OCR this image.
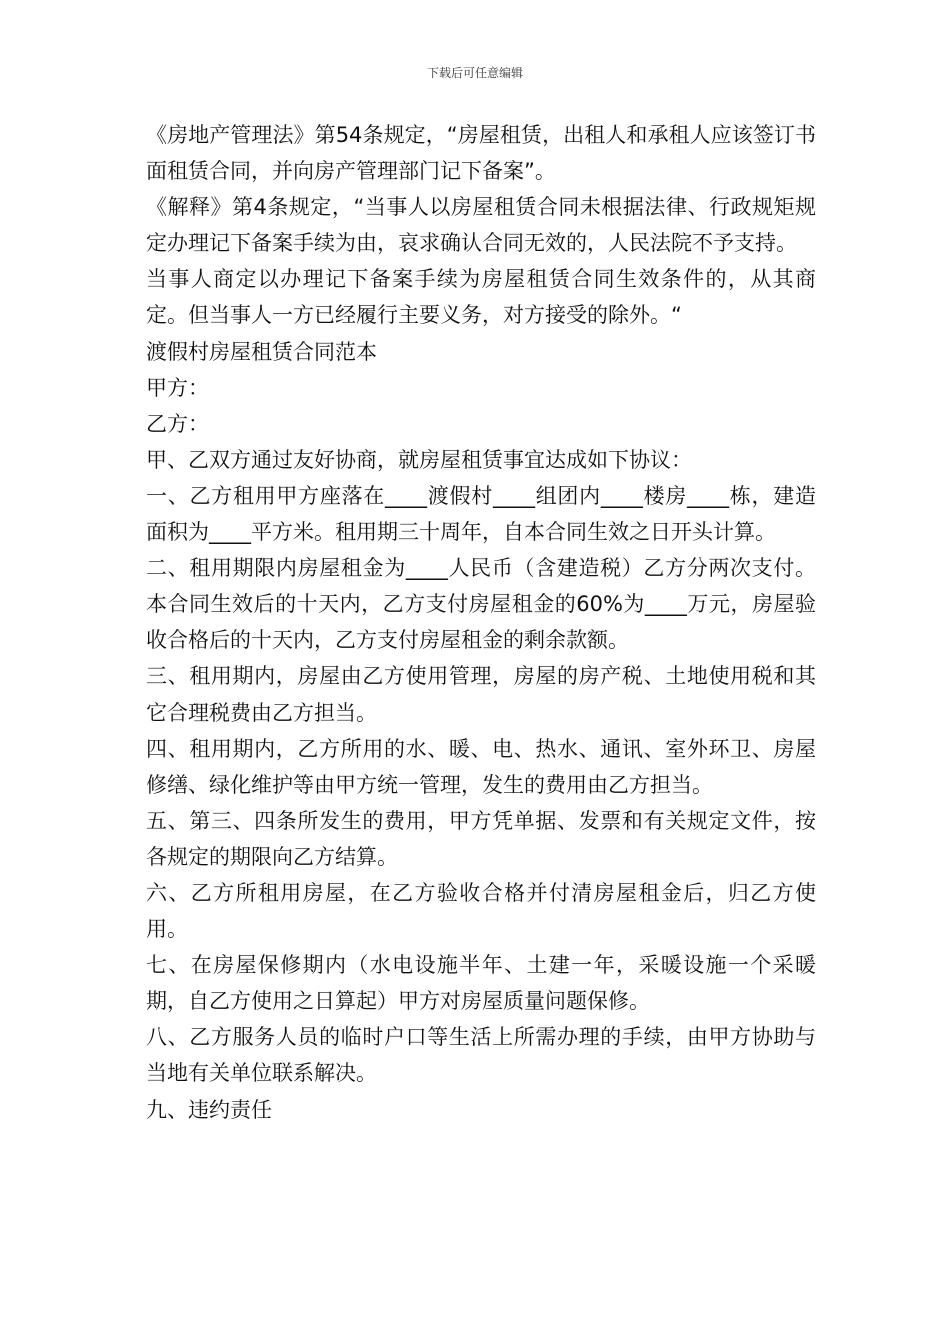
下载后可任意编辑

《房地产管理法》第54条规定，“房屋租赁，出租人和承租人应该签订书面租赁合同，并向房产管理部门记下备案”。

《解释》第4条规定，“当事人以房屋租赁合同未根据法律、行政规矩规定办理记下备案手续为由，哀求确认合同无效的，人民法院不予支持。

当事人商定以办理记下备案手续为房屋租赁合同生效条件的，从其商定。但当事人一方已经履行主要义务，对方接受的除外。“

渡假村房屋租赁合同范本

甲方：

乙方：

甲、乙双方通过友好协商，就房屋租赁事宜达成如下协议：

一、乙方租用甲方座落在____渡假村____组团内____楼房____栋，建造面积为____平方米。租用期三十周年，自本合同生效之日开头计算。

二、租用期限内房屋租金为____人民币（含建造税）乙方分两次支付。本合同生效后的十天内，乙方支付房屋租金的60%为____万元，房屋验收合格后的十天内，乙方支付房屋租金的剩余款额。

三、租用期内，房屋由乙方使用管理，房屋的房产税、土地使用税和其它合理税费由乙方担当。

四、租用期内，乙方所用的水、暖、电、热水、通讯、室外环卫、房屋修缮、绿化维护等由甲方统一管理，发生的费用由乙方担当。

五、第三、四条所发生的费用，甲方凭单据、发票和有关规定文件，按各规定的期限向乙方结算。

六、乙方所租用房屋，在乙方验收合格并付清房屋租金后，归乙方使用。

七、在房屋保修期内（水电设施半年、土建一年，采暖设施一个采暖期，自乙方使用之日算起）甲方对房屋质量问题保修。

八、乙方服务人员的临时户口等生活上所需办理的手续，由甲方协助与当地有关单位联系解决。

九、违约责任
